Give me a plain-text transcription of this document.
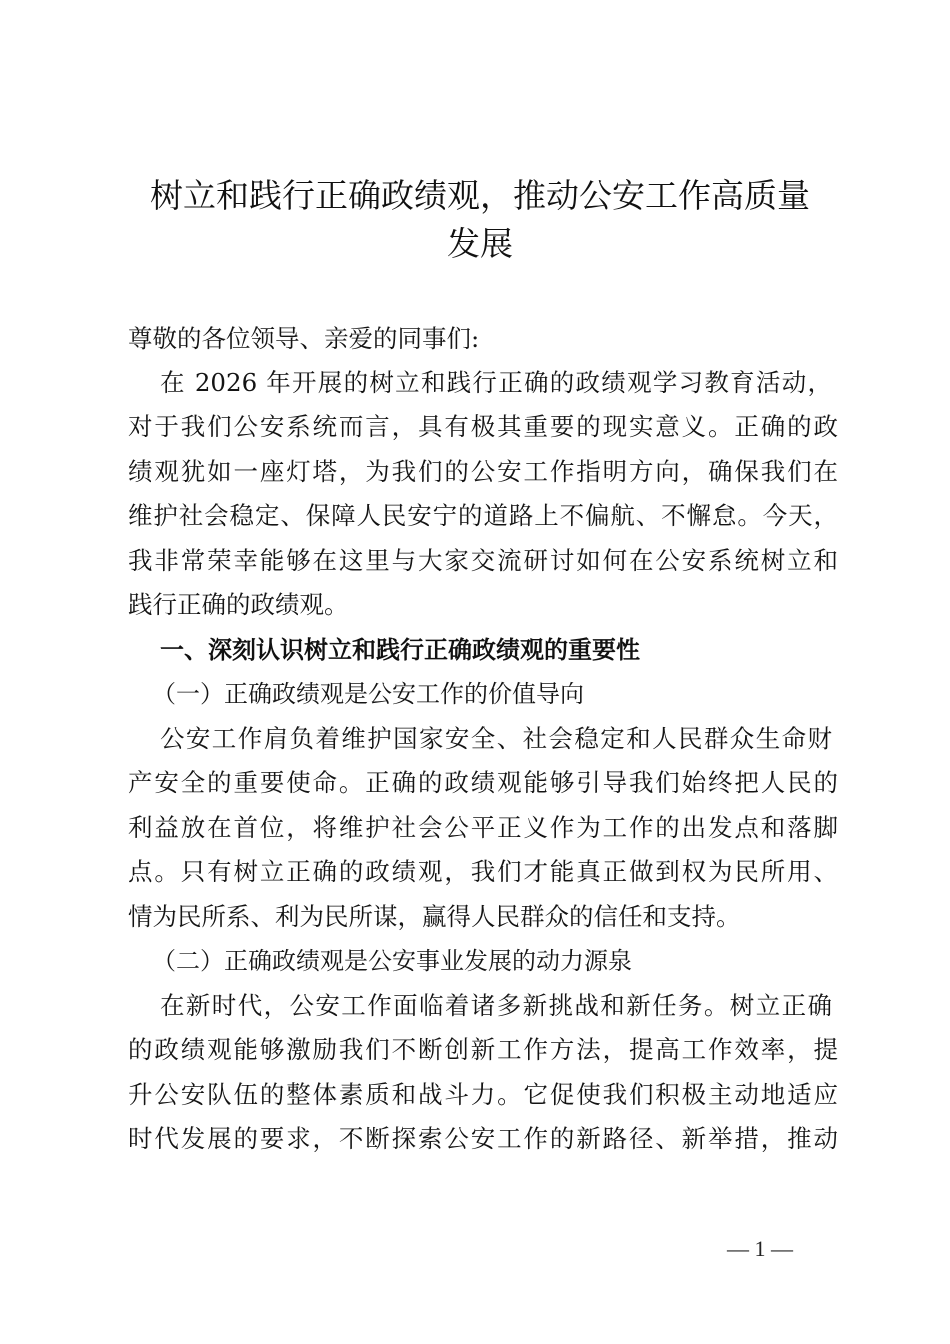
树立和践行正确政绩观，推动公安工作高质量
发展
尊敬的各位领导、亲爱的同事们:
在 2026 年开展的树立和践行正确的政绩观学习教育活动，
对于我们公安系统而言，具有极其重要的现实意义。正确的政
绩观犹如一座灯塔，为我们的公安工作指明方向，确保我们在
维护社会稳定、保障人民安宁的道路上不偏航、不懈怠。今天，
我非常荣幸能够在这里与大家交流研讨如何在公安系统树立和
践行正确的政绩观。
一、深刻认识树立和践行正确政绩观的重要性
（一）正确政绩观是公安工作的价值导向
公安工作肩负着维护国家安全、社会稳定和人民群众生命财
产安全的重要使命。正确的政绩观能够引导我们始终把人民的
利益放在首位，将维护社会公平正义作为工作的出发点和落脚
点。只有树立正确的政绩观，我们才能真正做到权为民所用、
情为民所系、利为民所谋，赢得人民群众的信任和支持。
（二）正确政绩观是公安事业发展的动力源泉
在新时代，公安工作面临着诸多新挑战和新任务。树立正确
的政绩观能够激励我们不断创新工作方法，提高工作效率，提
升公安队伍的整体素质和战斗力。它促使我们积极主动地适应
时代发展的要求，不断探索公安工作的新路径、新举措，推动
— 1 —
